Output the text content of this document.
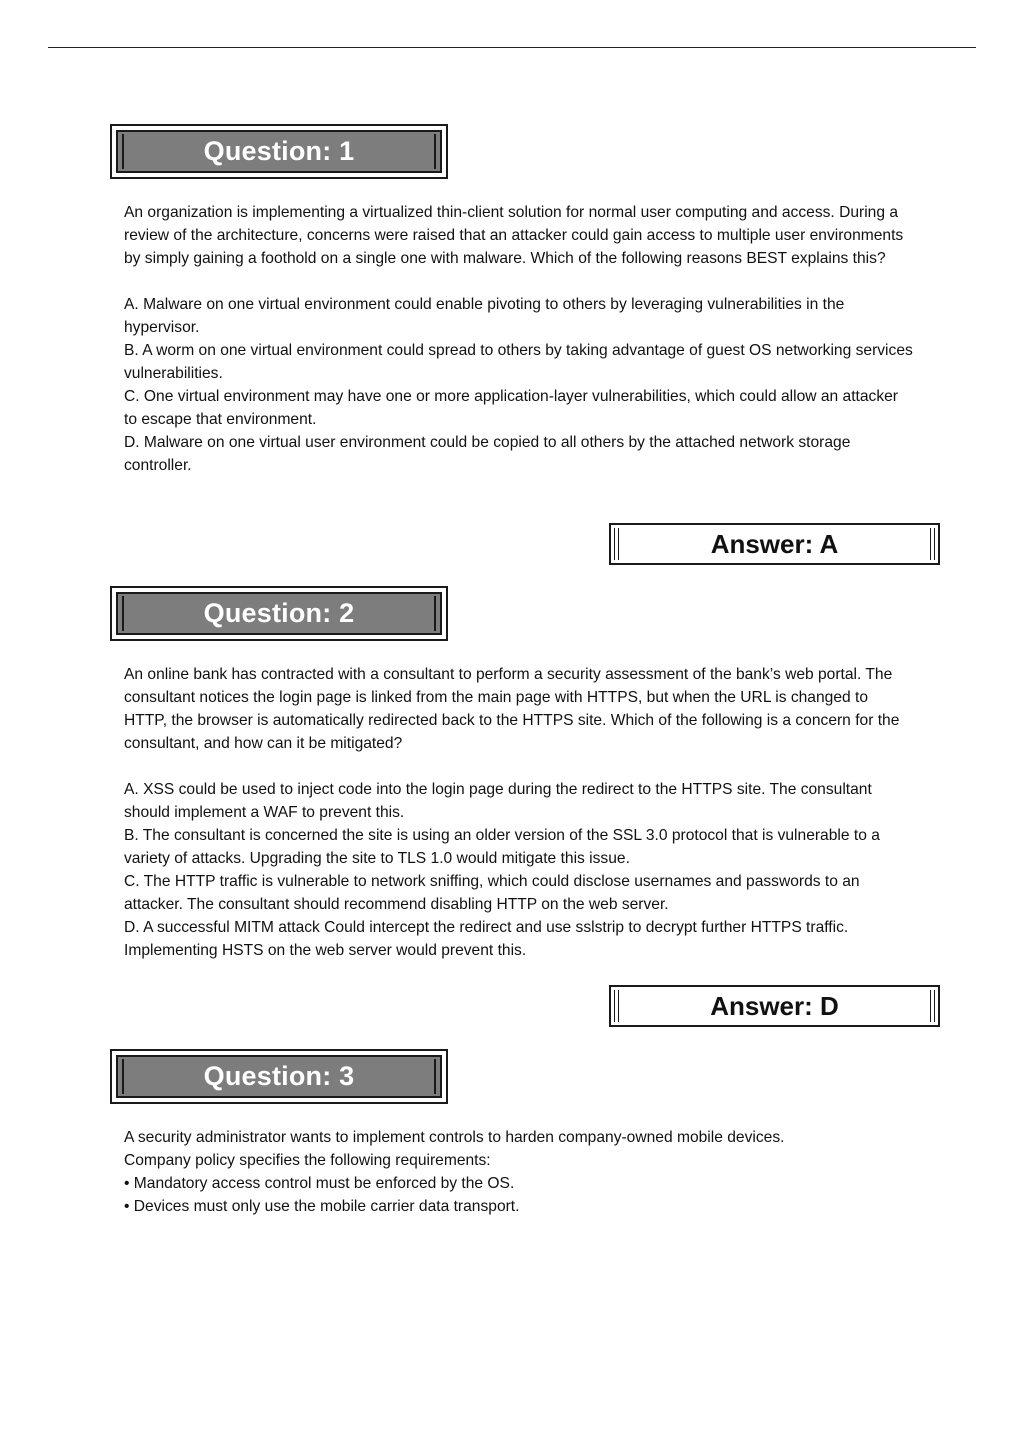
Question: 1

An organization is implementing a virtualized thin-client solution for normal user computing and access. During a review of the architecture, concerns were raised that an attacker could gain access to multiple user environments by simply gaining a foothold on a single one with malware. Which of the following reasons BEST explains this?

A. Malware on one virtual environment could enable pivoting to others by leveraging vulnerabilities in the hypervisor.

B. A worm on one virtual environment could spread to others by taking advantage of guest OS networking services vulnerabilities.

C. One virtual environment may have one or more application-layer vulnerabilities, which could allow an attacker to escape that environment.

D. Malware on one virtual user environment could be copied to all others by the attached network storage controller.

Answer: A
Question: 2

An online bank has contracted with a consultant to perform a security assessment of the bank’s web portal. The consultant notices the login page is linked from the main page with HTTPS, but when the URL is changed to HTTP, the browser is automatically redirected back to the HTTPS site. Which of the following is a concern for the consultant, and how can it be mitigated?

A. XSS could be used to inject code into the login page during the redirect to the HTTPS site. The consultant should implement a WAF to prevent this.

B. The consultant is concerned the site is using an older version of the SSL 3.0 protocol that is vulnerable to a variety of attacks. Upgrading the site to TLS 1.0 would mitigate this issue.

C. The HTTP traffic is vulnerable to network sniffing, which could disclose usernames and passwords to an attacker. The consultant should recommend disabling HTTP on the web server.

D. A successful MITM attack Could intercept the redirect and use sslstrip to decrypt further HTTPS traffic. Implementing HSTS on the web server would prevent this.

Answer: D
Question: 3

A security administrator wants to implement controls to harden company-owned mobile devices.

Company policy specifies the following requirements:

• Mandatory access control must be enforced by the OS.

• Devices must only use the mobile carrier data transport.
